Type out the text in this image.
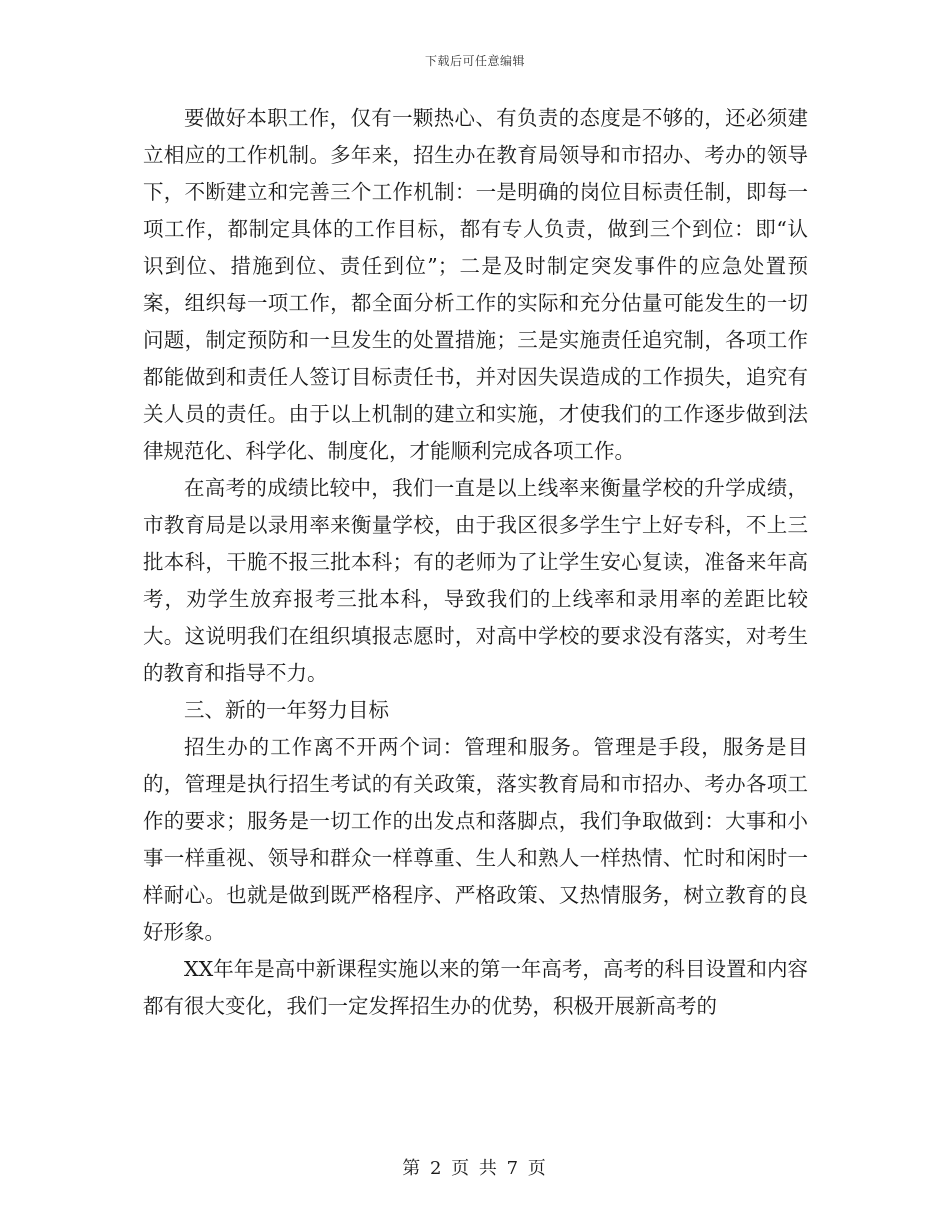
下载后可任意编辑

要做好本职工作，仅有一颗热心、有负责的态度是不够的，还必须建立相应的工作机制。多年来，招生办在教育局领导和市招办、考办的领导下，不断建立和完善三个工作机制：一是明确的岗位目标责任制，即每一项工作，都制定具体的工作目标，都有专人负责，做到三个到位：即“认识到位、措施到位、责任到位”；二是及时制定突发事件的应急处置预案，组织每一项工作，都全面分析工作的实际和充分估量可能发生的一切问题，制定预防和一旦发生的处置措施；三是实施责任追究制，各项工作都能做到和责任人签订目标责任书，并对因失误造成的工作损失，追究有关人员的责任。由于以上机制的建立和实施，才使我们的工作逐步做到法律规范化、科学化、制度化，才能顺利完成各项工作。

在高考的成绩比较中，我们一直是以上线率来衡量学校的升学成绩，市教育局是以录用率来衡量学校，由于我区很多学生宁上好专科，不上三批本科，干脆不报三批本科；有的老师为了让学生安心复读，准备来年高考，劝学生放弃报考三批本科，导致我们的上线率和录用率的差距比较大。这说明我们在组织填报志愿时，对高中学校的要求没有落实，对考生的教育和指导不力。

三、新的一年努力目标

招生办的工作离不开两个词：管理和服务。管理是手段，服务是目的，管理是执行招生考试的有关政策，落实教育局和市招办、考办各项工作的要求；服务是一切工作的出发点和落脚点，我们争取做到：大事和小事一样重视、领导和群众一样尊重、生人和熟人一样热情、忙时和闲时一样耐心。也就是做到既严格程序、严格政策、又热情服务，树立教育的良好形象。

XX年年是高中新课程实施以来的第一年高考，高考的科目设置和内容都有很大变化，我们一定发挥招生办的优势，积极开展新高考的

第 2 页 共 7 页
